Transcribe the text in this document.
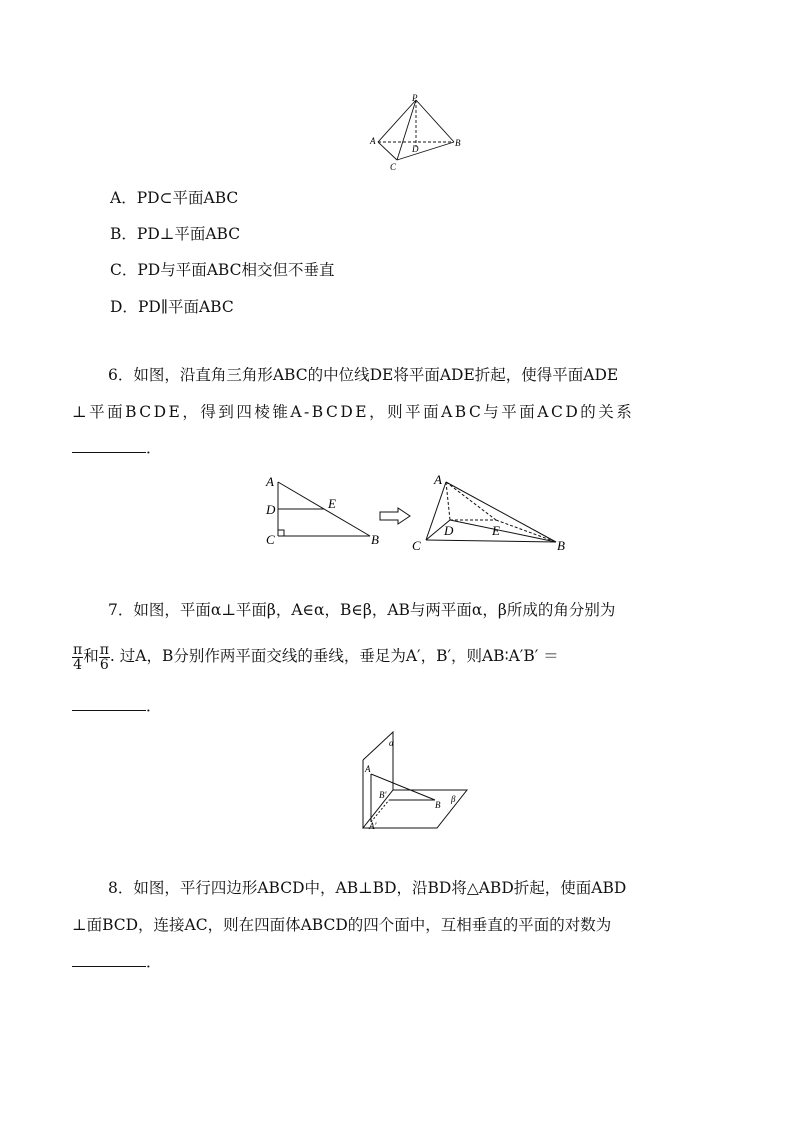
P
A	B
C
D
A．PD⊂平面ABC
B．PD⊥平面ABC
C．PD与平面ABC相交但不垂直
D．PD∥平面ABC
6．如图，沿直角三角形ABC的中位线DE将平面ADE折起，使得平面ADE
⊥平面BCDE，得到四棱锥A-BCDE，则平面ABC与平面ACD的关系
．
A
D	E
C	B
A
D	E
C	B
7．如图，平面α⊥平面β，A∈α，B∈β，AB与两平面α，β所成的角分别为
$\frac{\pi}{4}$ 和 $\frac{\pi}{6}$ . 过A，B分别作两平面交线的垂线，垂足为A′，B′，则AB∶A′B′ ＝
．
α
β
A
B
B′
A′
8．如图，平行四边形ABCD中，AB⊥BD，沿BD将△ABD折起，使面ABD
⊥面BCD，连接AC，则在四面体ABCD的四个面中，互相垂直的平面的对数为
．
